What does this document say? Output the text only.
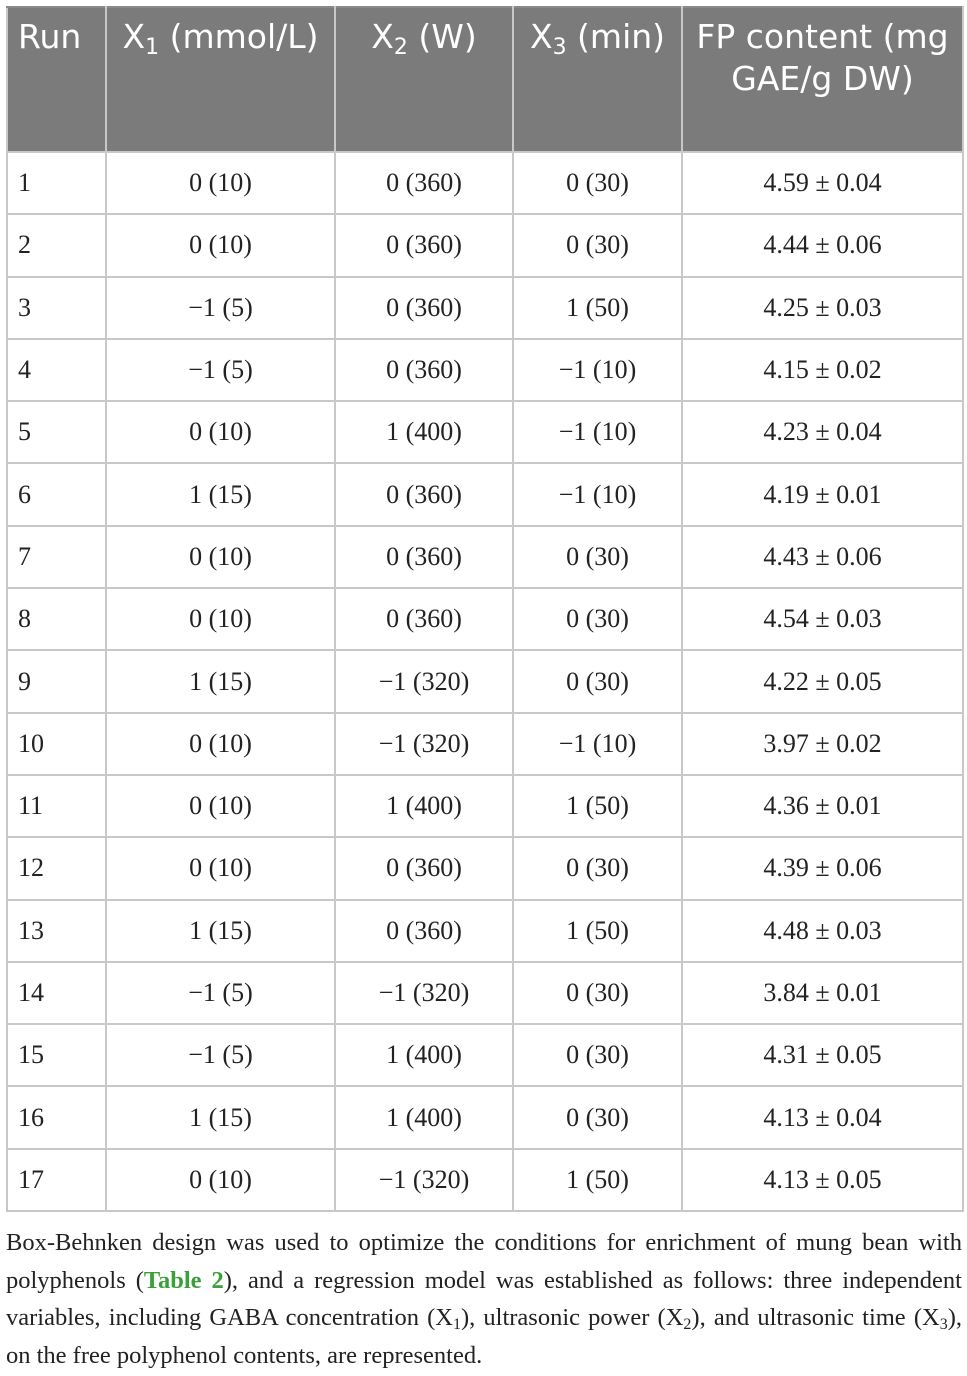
Run	$X_1$ (mmol/L)	$X_2$ (W)	$X_3$ (min)	FP content (mg GAE/g DW)
1	0 (10)	0 (360)	0 (30)	4.59 ± 0.04
2	0 (10)	0 (360)	0 (30)	4.44 ± 0.06
3	−1 (5)	0 (360)	1 (50)	4.25 ± 0.03
4	−1 (5)	0 (360)	−1 (10)	4.15 ± 0.02
5	0 (10)	1 (400)	−1 (10)	4.23 ± 0.04
6	1 (15)	0 (360)	−1 (10)	4.19 ± 0.01
7	0 (10)	0 (360)	0 (30)	4.43 ± 0.06
8	0 (10)	0 (360)	0 (30)	4.54 ± 0.03
9	1 (15)	−1 (320)	0 (30)	4.22 ± 0.05
10	0 (10)	−1 (320)	−1 (10)	3.97 ± 0.02
11	0 (10)	1 (400)	1 (50)	4.36 ± 0.01
12	0 (10)	0 (360)	0 (30)	4.39 ± 0.06
13	1 (15)	0 (360)	1 (50)	4.48 ± 0.03
14	−1 (5)	−1 (320)	0 (30)	3.84 ± 0.01
15	−1 (5)	1 (400)	0 (30)	4.31 ± 0.05
16	1 (15)	1 (400)	0 (30)	4.13 ± 0.04
17	0 (10)	−1 (320)	1 (50)	4.13 ± 0.05

Box-Behnken design was used to optimize the conditions for enrichment of mung bean with polyphenols (Table 2), and a regression model was established as follows: three independent variables, including GABA concentration $(X_1)$, ultrasonic power $(X_2)$, and ultrasonic time $(X_3)$, on the free polyphenol contents, are represented.
